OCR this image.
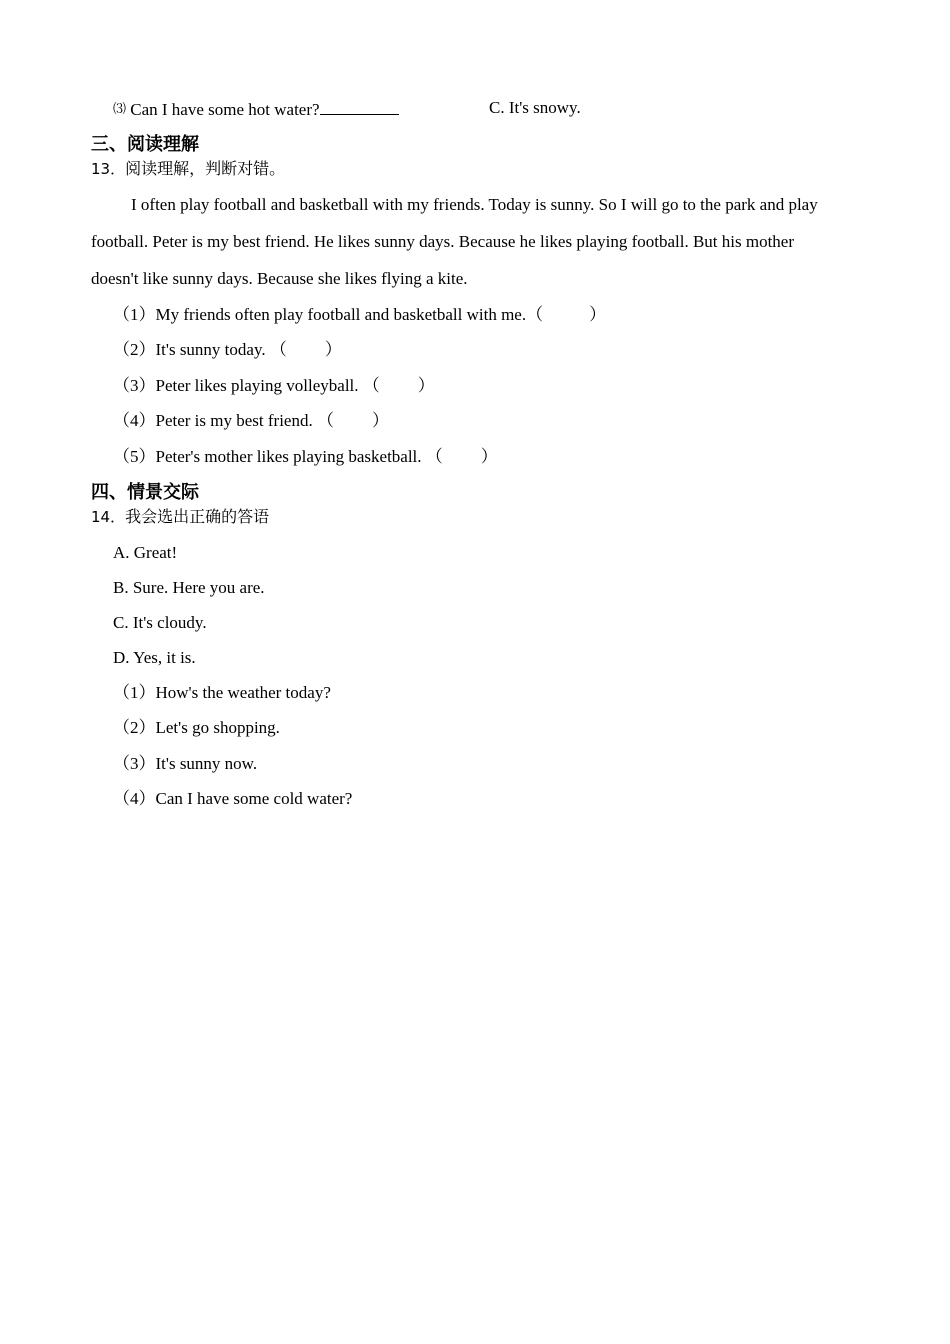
⑶ Can I have some hot water?	C. It's snowy.
三、阅读理解
13．阅读理解，判断对错。
I often play football and basketball with my friends. Today is sunny. So I will go to the park and play
football. Peter is my best friend. He likes sunny days. Because he likes playing football. But his mother
doesn't like sunny days. Because she likes flying a kite.
（1）My friends often play football and basketball with me.（	）
（2）It's sunny today. （ ）
（3）Peter likes playing volleyball. （ ）
（4）Peter is my best friend. （ ）
（5）Peter's mother likes playing basketball. （ ）
四、情景交际
14．我会选出正确的答语
A. Great!
B. Sure. Here you are.
C. It's cloudy.
D. Yes, it is.
（1）How's the weather today?
（2）Let's go shopping.
（3）It's sunny now.
（4）Can I have some cold water?
